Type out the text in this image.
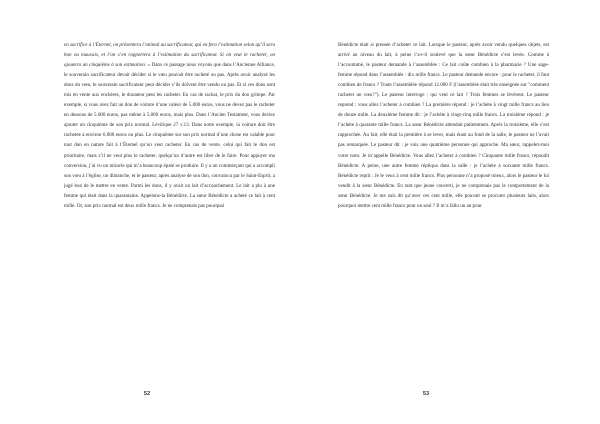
en sacrifice à l’Éternel, on présentera l’animal au sacrificateur, qui en fera l’estimation selon qu’il sera bon ou mauvais, et l’on s’en rapportera à l’estimation du sacrificateur. Si on veut le racheter, on ajoutera un cinquième à son estimation. » Dans ce passage nous voyons que dans l’Ancienne Alliance, le souverain sacrificateur devait décider si le vœu pouvait être racheté ou pas. Après avoir analysé les dons du vœu, le souverain sacrificateur peut décider s’ils doivent être vendu ou pas. Et si ces dons sont mis en vente aux enchères, le donateur peut les racheter. En cas de rachat, le prix du don grimpe. Par exemple, si vous avez fait un don de voiture d’une valeur de 5.000 euros, vous ne devez pas le racheter en dessous de 5.000 euros, pas même à 5.000 euros, mais plus. Dans l’Ancien Testament, vous deviez ajouter un cinquième de son prix normal. Lévitique 27 v.13. Dans notre exemple, la voiture doit être rachetée à environ 6.000 euros ou plus. Le cinquième sur son prix normal d’une chose est valable pour tout don en nature fait à l’Éternel qu’on veut racheter. En cas de vente, celui qui fait le don est prioritaire, mais s’il ne veut plus le racheter, quelqu’un d’autre est libre de le faire. Pour appuyer ma conversion, j’ai vu un miracle qui m’a beaucoup épaté se produire. Il y a un commerçant qui a accompli son vœu à l’église, un dimanche, et le pasteur, après analyse de son don, convaincu par le Saint-Esprit, a jugé bon de le mettre en vente. Parmi les dons, il y avait un lait d’accouchement. Le lait a plu à une femme qui était dans la quarantaine. Appelons-la Bénédicte. La sœur Bénédicte a acheté ce lait à cent mille. Or, son prix normal est deux mille francs. Je ne comprenais pas pourquoi

52

Bénédicte était si pressée d’acheter ce lait. Lorsque le pasteur, après avoir vendu quelques objets, est arrivé au niveau du lait, à peine l’a-t-il soulevé que la sœur Bénédicte s’est levée. Comme à l’accoutumé, le pasteur demande à l’assemblée : Ce lait coûte combien à la pharmacie ? Une sage-femme répond dans l’assemblée : dix mille francs. Le pasteur demande encore : pour le racheter, il faut combien de francs ? Toute l’assemblée répond 12.000 F (l’assemblée était très enseignée sur "comment racheter un vœu?"). Le pasteur interroge : qui veut ce lait ? Trois femmes se lèvèrent. Le pasteur reprend : vous allez l’acheter à combien ? La première répond : je l’achète à vingt mille francs au lieu de douze mille. La deuxième femme dit : je l’achète à vingt-cinq mille francs. La troisième répond : je l’achète à quarante mille francs. La sœur Bénédicte attendait patiemment. Après la troisième, elle s’est rapprochée. Au fait, elle était la première à se lever, mais étant au fond de la salle, le pasteur ne l’avait pas remarquée. Le pasteur dit : je vois une quatrième personne qui approche. Ma sœur, rappelez-moi votre nom. Je m’appelle Bénédicte. Vous allez l’acheter à combien ? Cinquante mille francs, répondit Bénédicte. A peine, une autre femme répliqua dans la salle : je l’achète à soixante mille francs. Bénédicte reprit : Je le veux à cent mille francs. Plus personne n’a proposé mieux, alors le pasteur le lui vendit à la sœur Bénédicte. En tant que jeune converti, je ne comprenais pas le comportement de la sœur Bénédicte. Je me suis dit qu’avec ces cent mille, elle pouvait se procurer plusieurs laits, alors pourquoi mettre cent mille francs pour un seul ? Il m’a fallu un an pour

53
